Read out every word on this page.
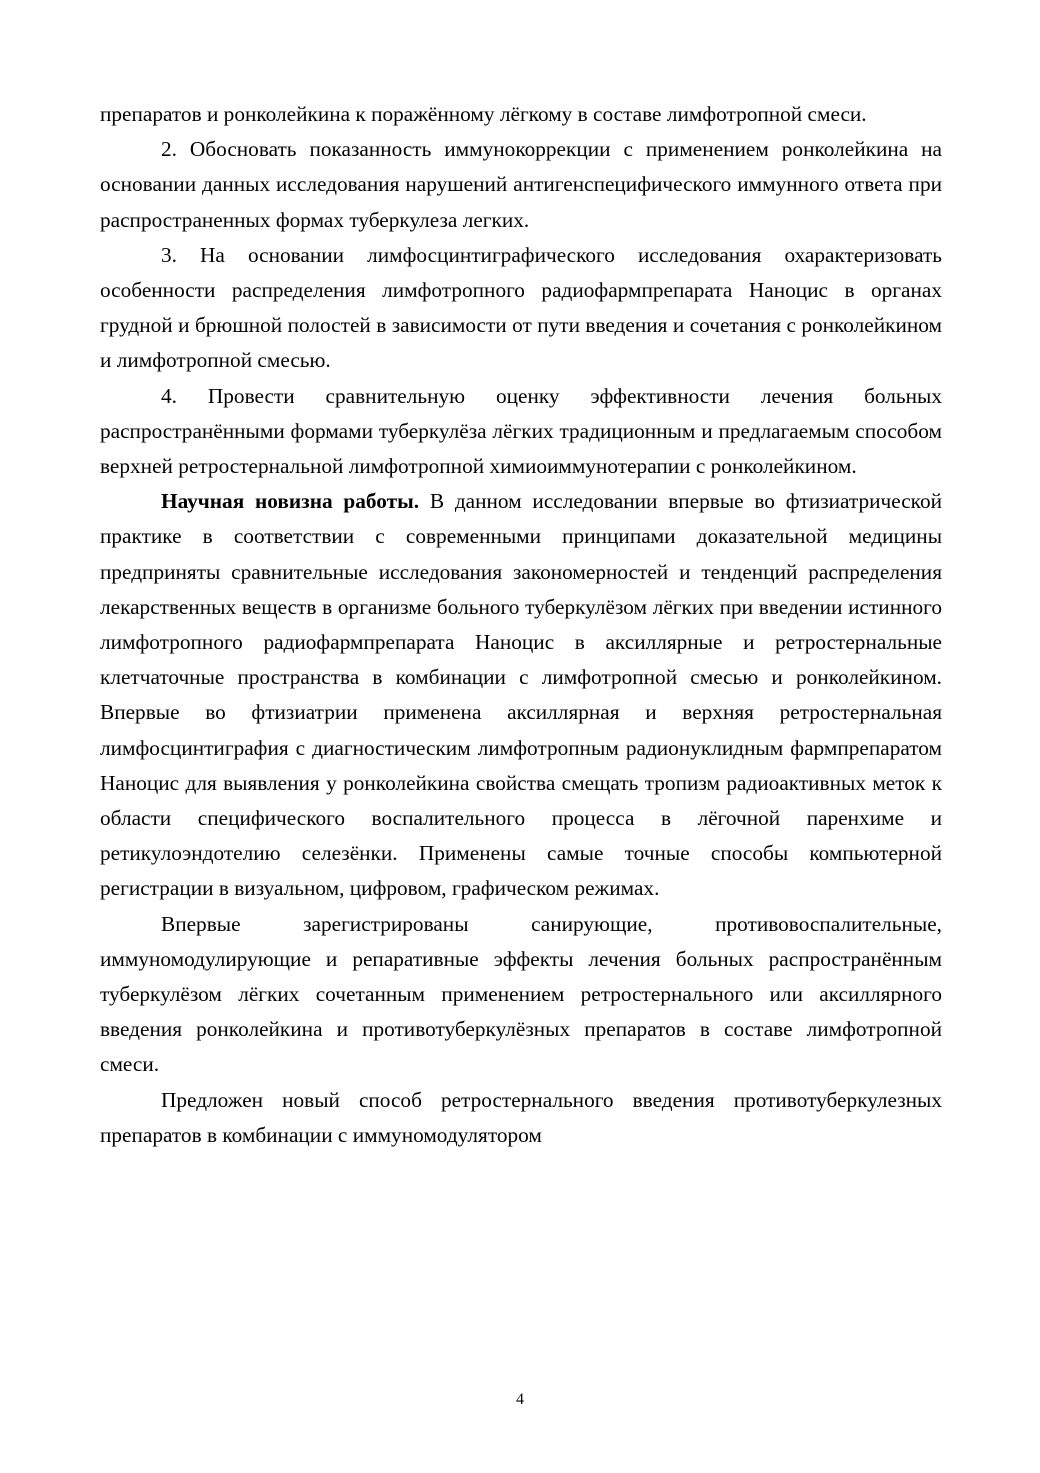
препаратов и ронколейкина к поражённому лёгкому в составе лимфотропной смеси.

2. Обосновать показанность иммунокоррекции с применением ронколейкина на основании данных исследования нарушений антигенспецифического иммунного ответа при распространенных формах туберкулеза легких.

3. На основании лимфосцинтиграфического исследования охарактеризовать особенности распределения лимфотропного радиофармпрепарата Наноцис в органах грудной и брюшной полостей в зависимости от пути введения и сочетания с ронколейкином и лимфотропной смесью.

4. Провести сравнительную оценку эффективности лечения больных распространёнными формами туберкулёза лёгких традиционным и предлагаемым способом верхней ретростернальной лимфотропной химиоиммунотерапии с ронколейкином.

Научная новизна работы. В данном исследовании впервые во фтизиатрической практике в соответствии с современными принципами доказательной медицины предприняты сравнительные исследования закономерностей и тенденций распределения лекарственных веществ в организме больного туберкулёзом лёгких при введении истинного лимфотропного радиофармпрепарата Наноцис в аксиллярные и ретростернальные клетчаточные пространства в комбинации с лимфотропной смесью и ронколейкином. Впервые во фтизиатрии применена аксиллярная и верхняя ретростернальная лимфосцинтиграфия с диагностическим лимфотропным радионуклидным фармпрепаратом Наноцис для выявления у ронколейкина свойства смещать тропизм радиоактивных меток к области специфического воспалительного процесса в лёгочной паренхиме и ретикулоэндотелию селезёнки. Применены самые точные способы компьютерной регистрации в визуальном, цифровом, графическом режимах.

Впервые зарегистрированы санирующие, противовоспалительные, иммуномодулирующие и репаративные эффекты лечения больных распространённым туберкулёзом лёгких сочетанным применением ретростернального или аксиллярного введения ронколейкина и противотуберкулёзных препаратов в составе лимфотропной смеси.

Предложен новый способ ретростернального введения противотуберкулезных препаратов в комбинации с иммуномодулятором

4
